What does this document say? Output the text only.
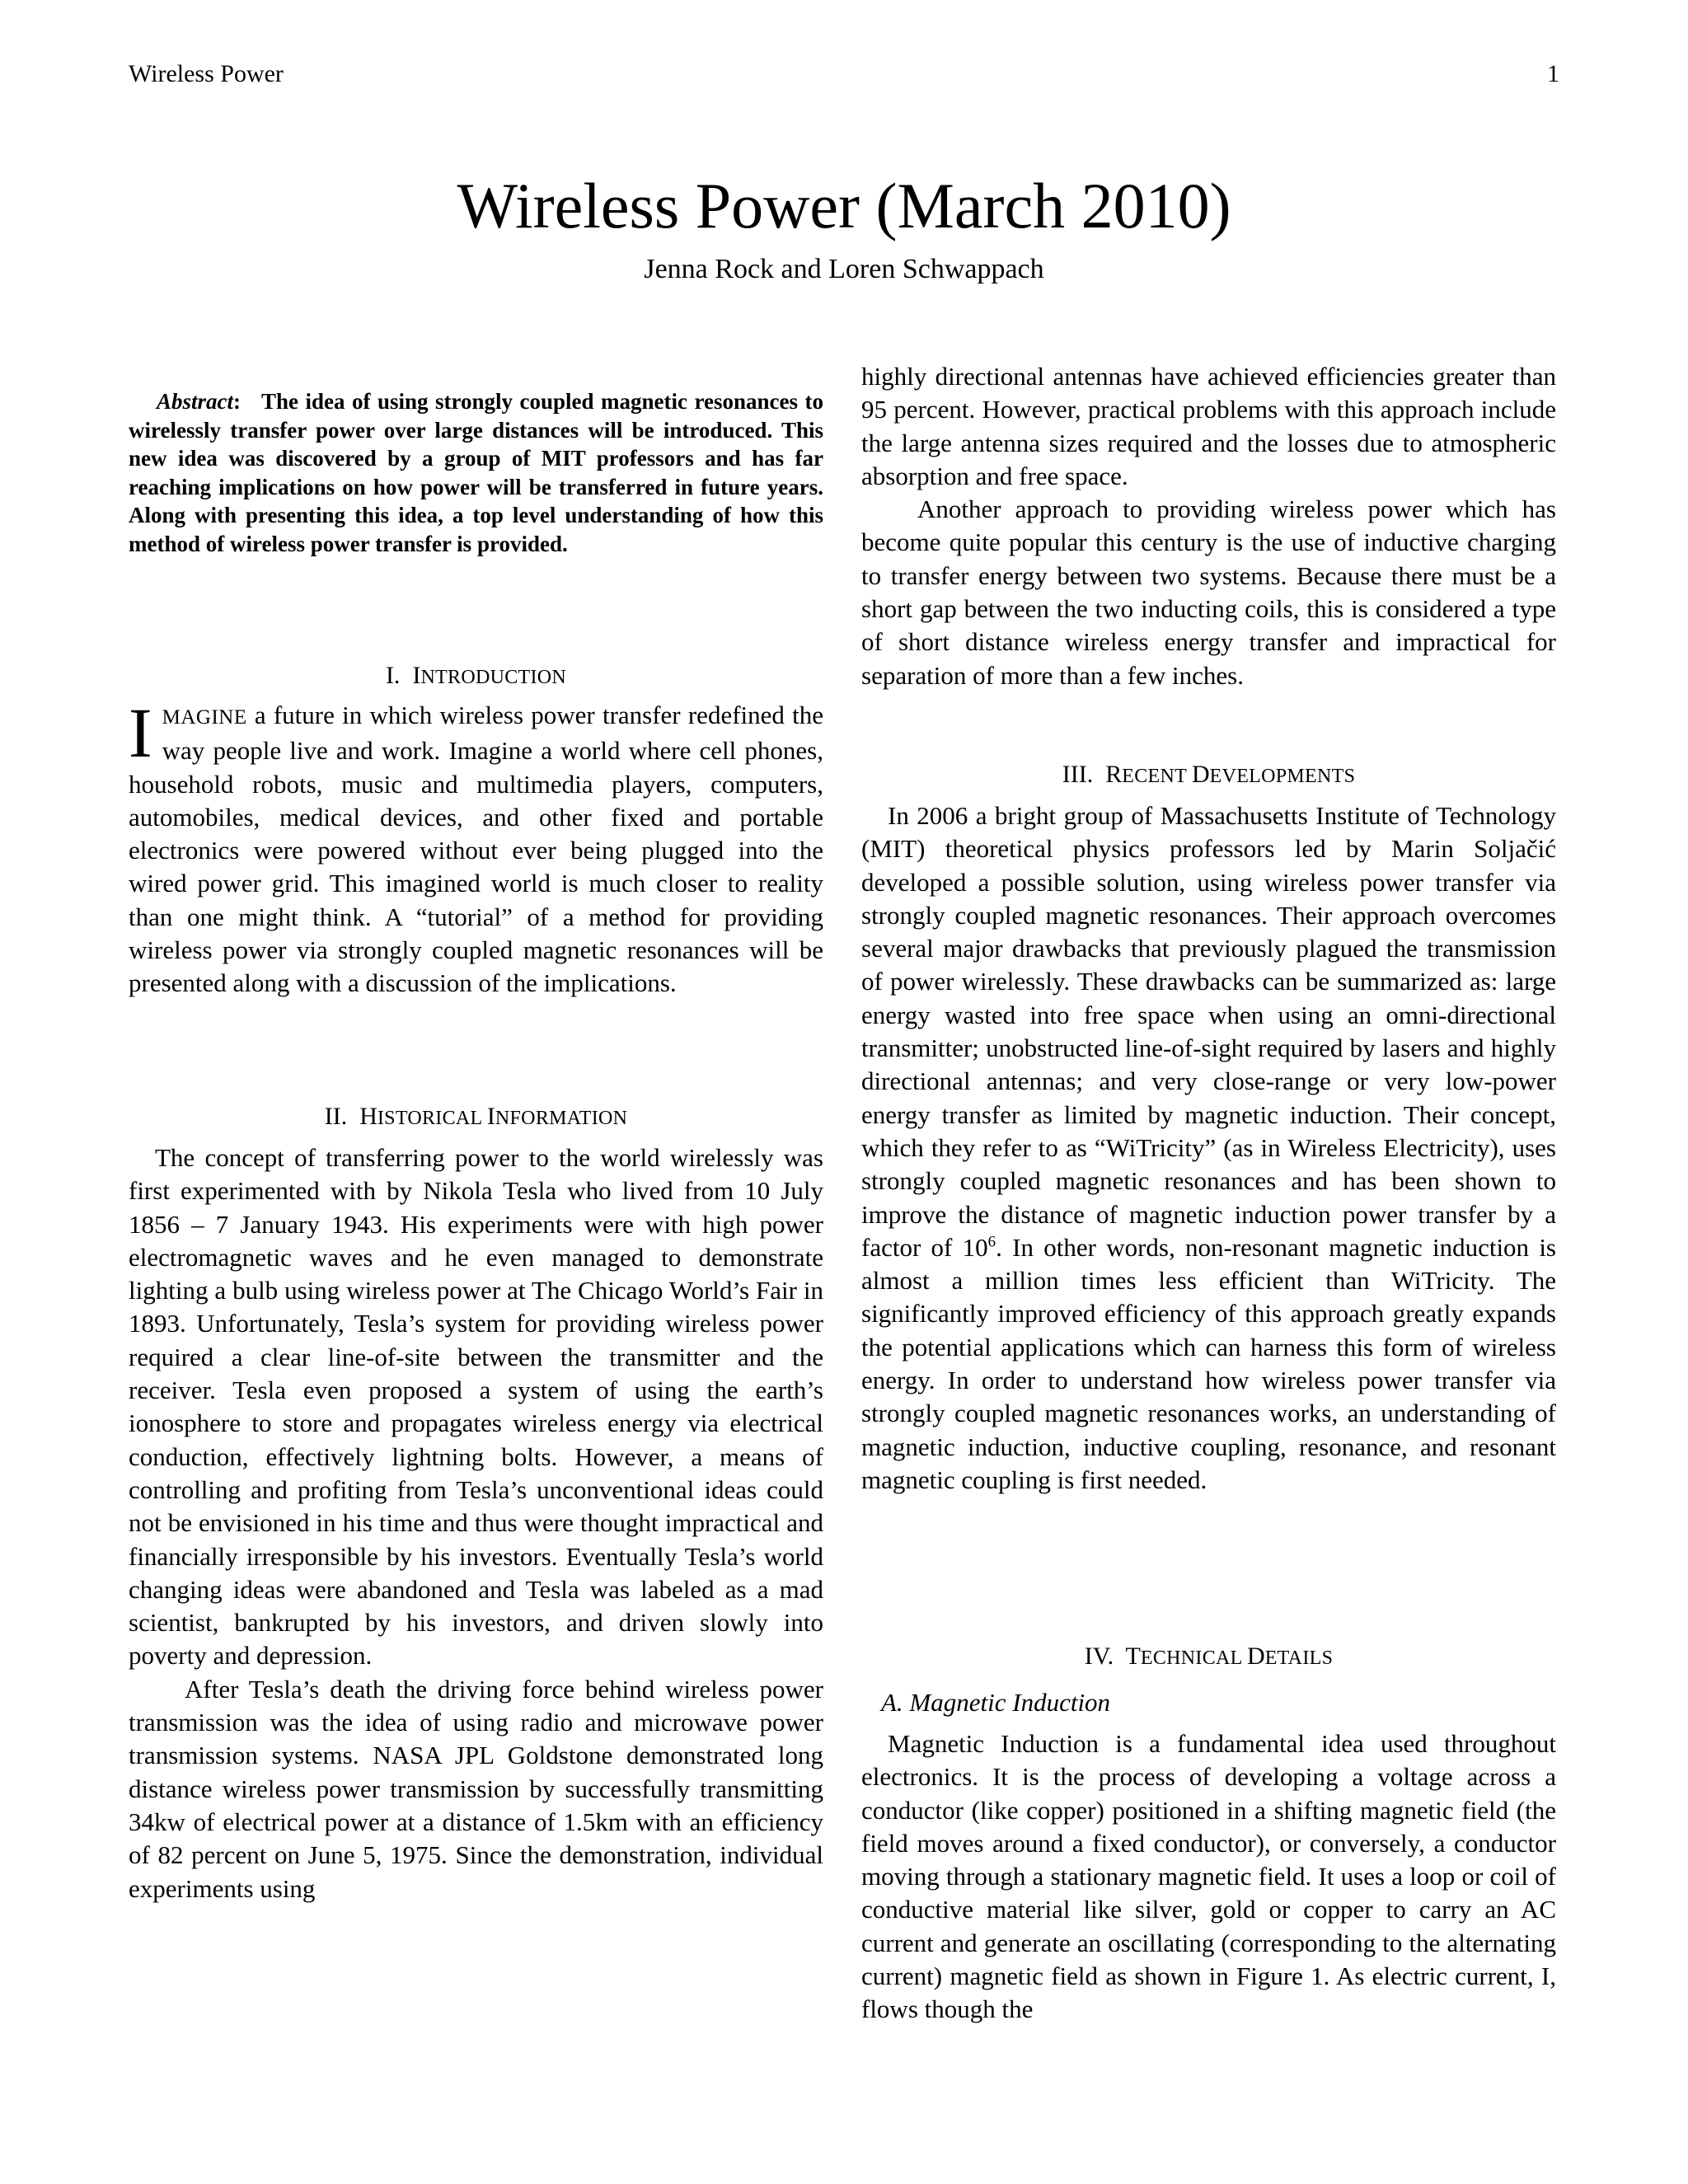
Wireless Power	1
Wireless Power (March 2010)
Jenna Rock and Loren Schwappach

Abstract: The idea of using strongly coupled magnetic resonances to wirelessly transfer power over large distances will be introduced. This new idea was discovered by a group of MIT professors and has far reaching implications on how power will be transferred in future years. Along with presenting this idea, a top level understanding of how this method of wireless power transfer is provided.

I. INTRODUCTION

IMAGINE a future in which wireless power transfer redefined the way people live and work. Imagine a world where cell phones, household robots, music and multimedia players, computers, automobiles, medical devices, and other fixed and portable electronics were powered without ever being plugged into the wired power grid. This imagined world is much closer to reality than one might think. A “tutorial” of a method for providing wireless power via strongly coupled magnetic resonances will be presented along with a discussion of the implications.

II. HISTORICAL INFORMATION

The concept of transferring power to the world wirelessly was first experimented with by Nikola Tesla who lived from 10 July 1856 – 7 January 1943. His experiments were with high power electromagnetic waves and he even managed to demonstrate lighting a bulb using wireless power at The Chicago World’s Fair in 1893. Unfortunately, Tesla’s system for providing wireless power required a clear line-of-site between the transmitter and the receiver. Tesla even proposed a system of using the earth’s ionosphere to store and propagates wireless energy via electrical conduction, effectively lightning bolts. However, a means of controlling and profiting from Tesla’s unconventional ideas could not be envisioned in his time and thus were thought impractical and financially irresponsible by his investors. Eventually Tesla’s world changing ideas were abandoned and Tesla was labeled as a mad scientist, bankrupted by his investors, and driven slowly into poverty and depression.

After Tesla’s death the driving force behind wireless power transmission was the idea of using radio and microwave power transmission systems. NASA JPL Goldstone demonstrated long distance wireless power transmission by successfully transmitting 34kw of electrical power at a distance of 1.5km with an efficiency of 82 percent on June 5, 1975. Since the demonstration, individual experiments using

highly directional antennas have achieved efficiencies greater than 95 percent. However, practical problems with this approach include the large antenna sizes required and the losses due to atmospheric absorption and free space.

Another approach to providing wireless power which has become quite popular this century is the use of inductive charging to transfer energy between two systems. Because there must be a short gap between the two inducting coils, this is considered a type of short distance wireless energy transfer and impractical for separation of more than a few inches.

III. RECENT DEVELOPMENTS

In 2006 a bright group of Massachusetts Institute of Technology (MIT) theoretical physics professors led by Marin Soljačić developed a possible solution, using wireless power transfer via strongly coupled magnetic resonances. Their approach overcomes several major drawbacks that previously plagued the transmission of power wirelessly. These drawbacks can be summarized as: large energy wasted into free space when using an omni-directional transmitter; unobstructed line-of-sight required by lasers and highly directional antennas; and very close-range or very low-power energy transfer as limited by magnetic induction. Their concept, which they refer to as “WiTricity” (as in Wireless Electricity), uses strongly coupled magnetic resonances and has been shown to improve the distance of magnetic induction power transfer by a factor of $10^6$. In other words, non-resonant magnetic induction is almost a million times less efficient than WiTricity. The significantly improved efficiency of this approach greatly expands the potential applications which can harness this form of wireless energy. In order to understand how wireless power transfer via strongly coupled magnetic resonances works, an understanding of magnetic induction, inductive coupling, resonance, and resonant magnetic coupling is first needed.

IV. TECHNICAL DETAILS

A. Magnetic Induction

Magnetic Induction is a fundamental idea used throughout electronics. It is the process of developing a voltage across a conductor (like copper) positioned in a shifting magnetic field (the field moves around a fixed conductor), or conversely, a conductor moving through a stationary magnetic field. It uses a loop or coil of conductive material like silver, gold or copper to carry an AC current and generate an oscillating (corresponding to the alternating current) magnetic field as shown in Figure 1. As electric current, I, flows though the
